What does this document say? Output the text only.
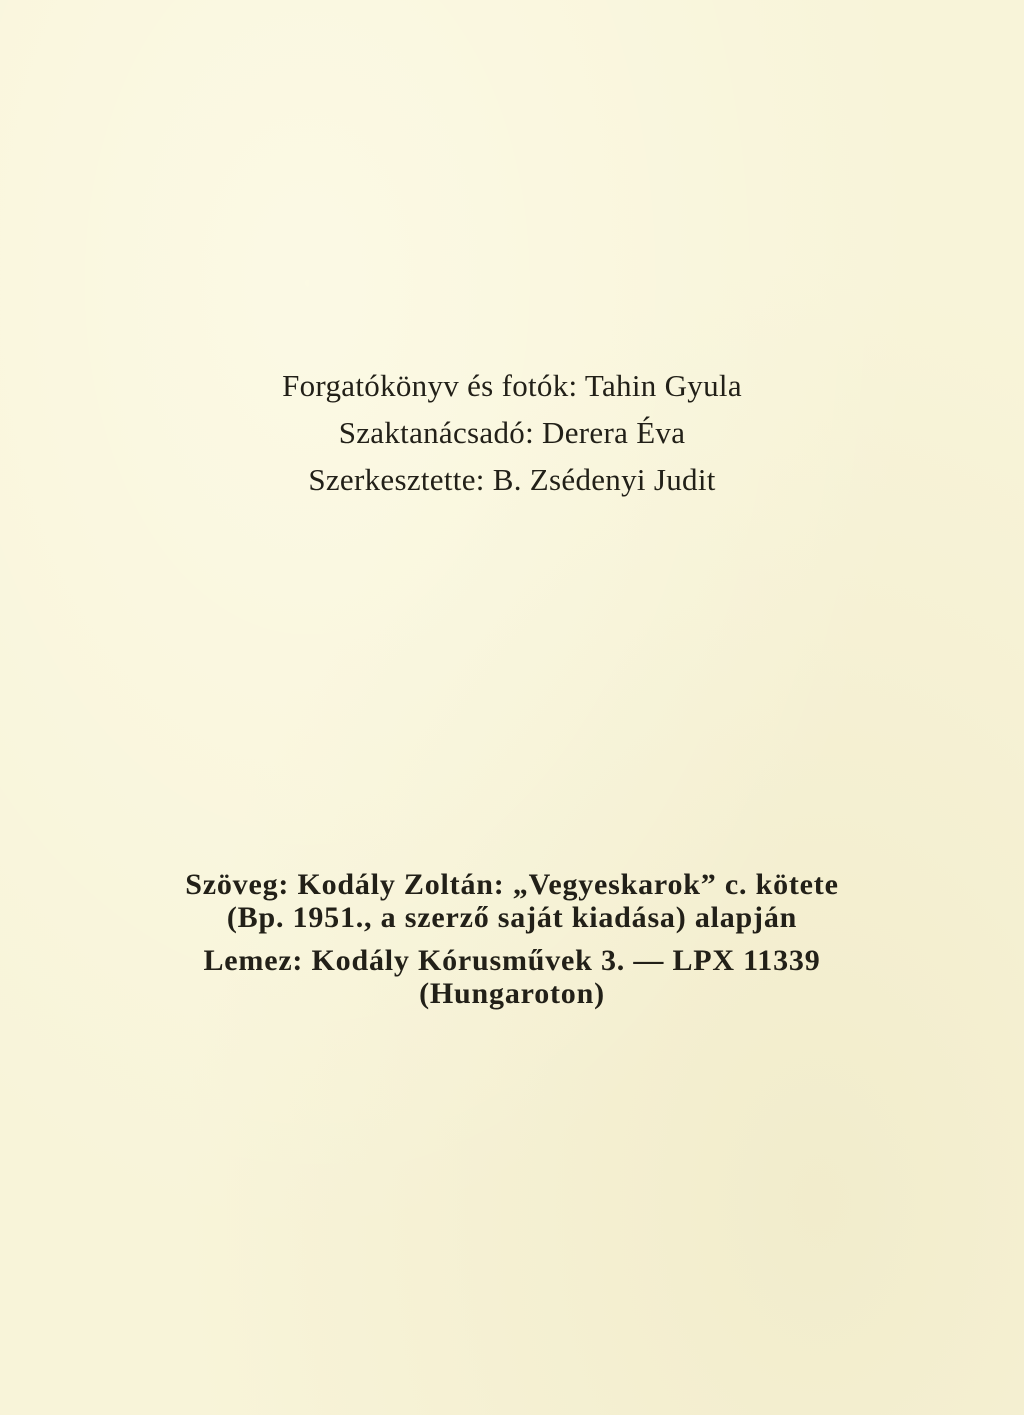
Forgatókönyv és fotók: Tahin Gyula
Szaktanácsadó: Derera Éva
Szerkesztette: B. Zsédenyi Judit
Szöveg: Kodály Zoltán: „Vegyeskarok” c. kötete
(Bp. 1951., a szerző saját kiadása) alapján
Lemez: Kodály Kórusművek 3. — LPX 11339
(Hungaroton)
